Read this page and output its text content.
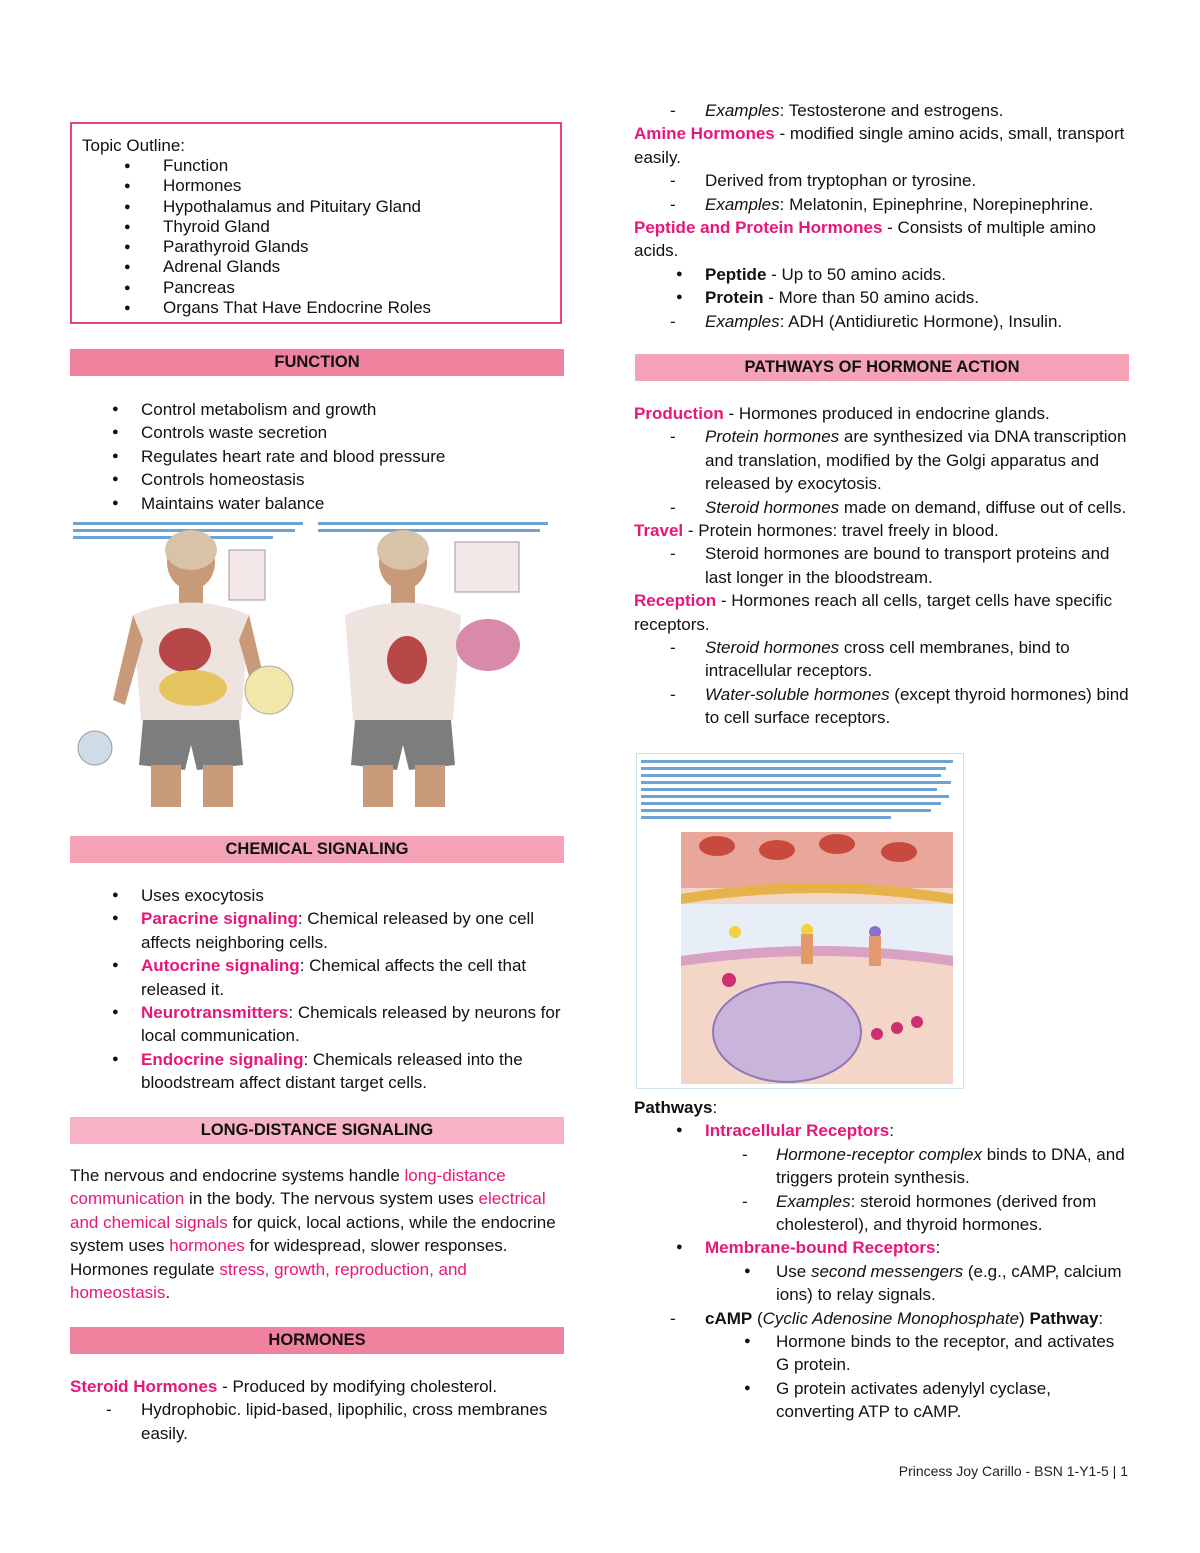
Topic Outline:

● Function
● Hormones
● Hypothalamus and Pituitary Gland
● Thyroid Gland
● Parathyroid Glands
● Adrenal Glands
● Pancreas
● Organs That Have Endocrine Roles
FUNCTION
● Control metabolism and growth
● Controls waste secretion
● Regulates heart rate and blood pressure
● Controls homeostasis
● Maintains water balance
CHEMICAL SIGNALING
● Uses exocytosis
● Paracrine signaling: Chemical released by one cell affects neighboring cells.
● Autocrine signaling: Chemical affects the cell that released it.
● Neurotransmitters: Chemicals released by neurons for local communication.
● Endocrine signaling: Chemicals released into the bloodstream affect distant target cells.
LONG-DISTANCE SIGNALING

The nervous and endocrine systems handle long-distance communication in the body. The nervous system uses electrical and chemical signals for quick, local actions, while the endocrine system uses hormones for widespread, slower responses. Hormones regulate stress, growth, reproduction, and homeostasis.

HORMONES

Steroid Hormones - Produced by modifying cholesterol.

- Hydrophobic. lipid-based, lipophilic, cross membranes easily.

- Examples: Testosterone and estrogens.

Amine Hormones - modified single amino acids, small, transport easily.

- Derived from tryptophan or tyrosine.

- Examples: Melatonin, Epinephrine, Norepinephrine.

Peptide and Protein Hormones - Consists of multiple amino acids.

● Peptide - Up to 50 amino acids.

● Protein - More than 50 amino acids.

- Examples: ADH (Antidiuretic Hormone), Insulin.

PATHWAYS OF HORMONE ACTION

Production - Hormones produced in endocrine glands.

- Protein hormones are synthesized via DNA transcription and translation, modified by the Golgi apparatus and released by exocytosis.

- Steroid hormones made on demand, diffuse out of cells.

Travel - Protein hormones: travel freely in blood.

- Steroid hormones are bound to transport proteins and last longer in the bloodstream.

Reception - Hormones reach all cells, target cells have specific receptors.

- Steroid hormones cross cell membranes, bind to intracellular receptors.

- Water-soluble hormones (except thyroid hormones) bind to cell surface receptors.

Pathways:

● Intracellular Receptors:

- Hormone-receptor complex binds to DNA, and triggers protein synthesis.

- Examples: steroid hormones (derived from cholesterol), and thyroid hormones.

● Membrane-bound Receptors:

● Use second messengers (e.g., cAMP, calcium ions) to relay signals.

- cAMP (Cyclic Adenosine Monophosphate) Pathway:

● Hormone binds to the receptor, and activates G protein.

● G protein activates adenylyl cyclase, converting ATP to cAMP.

Princess Joy Carillo - BSN 1-Y1-5 | 1
